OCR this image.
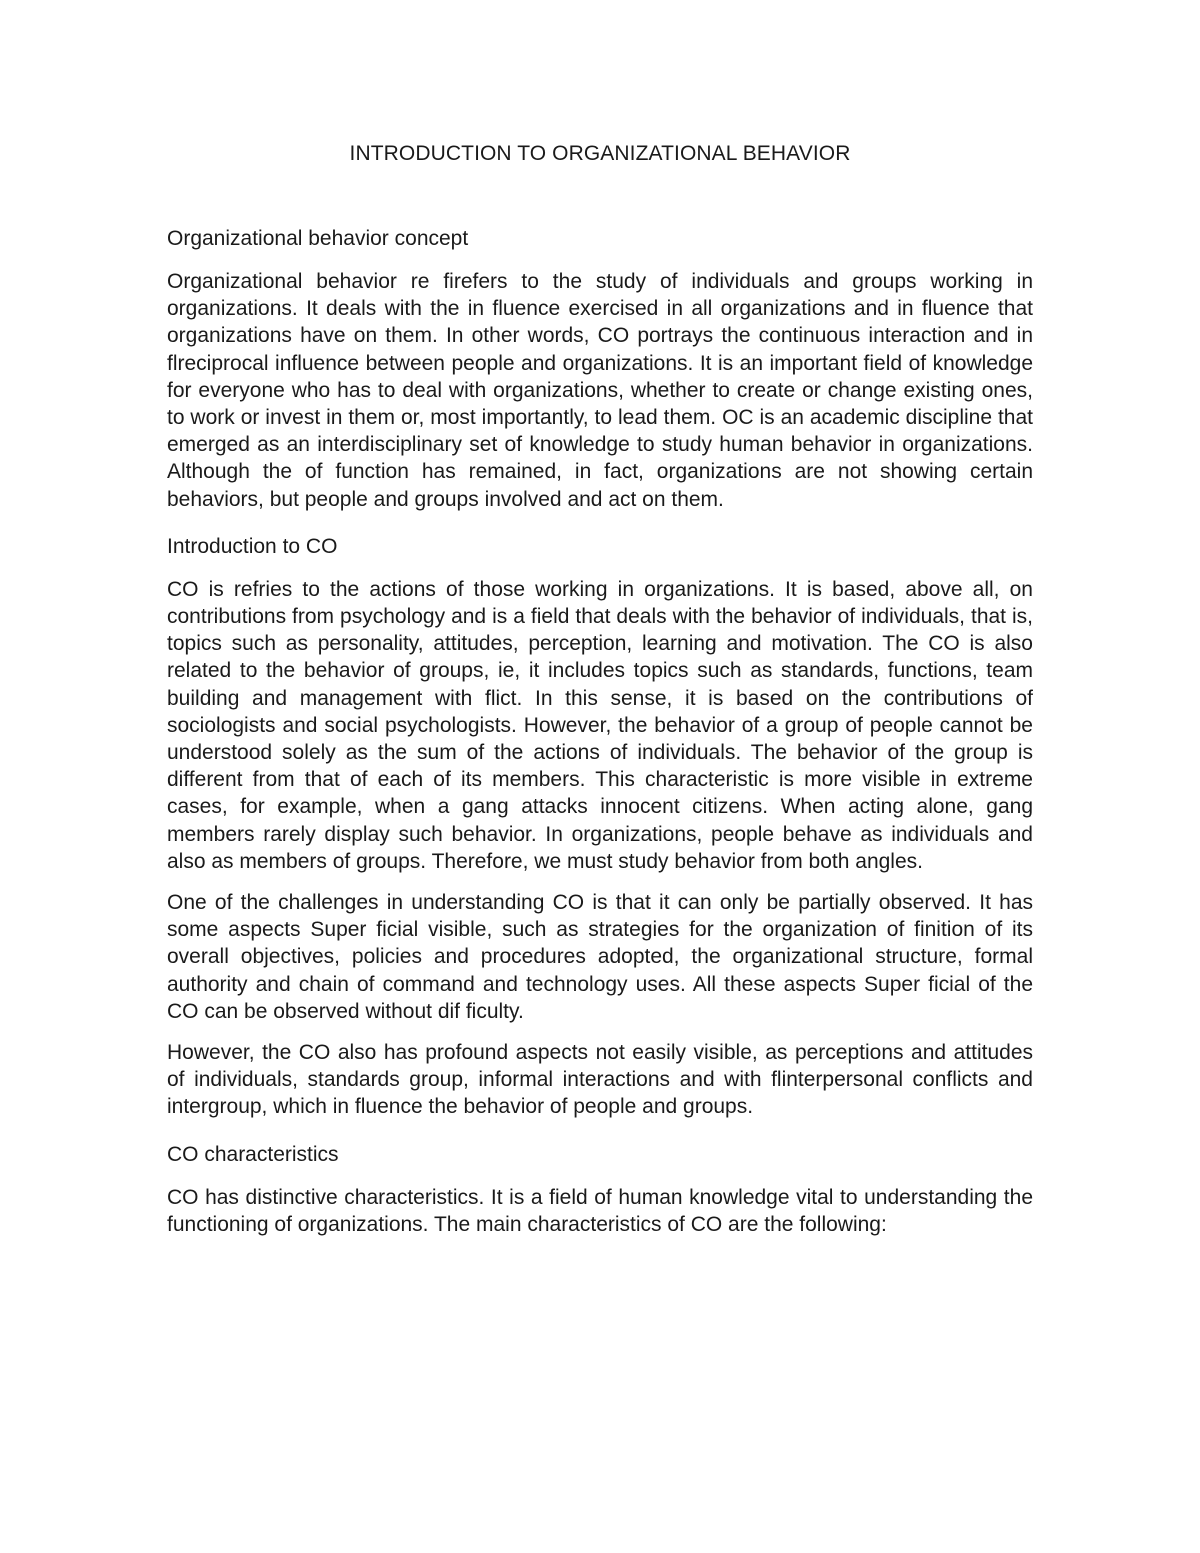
INTRODUCTION TO ORGANIZATIONAL BEHAVIOR
Organizational behavior concept

Organizational behavior re firefers to the study of individuals and groups working in organizations. It deals with the in fluence exercised in all organizations and in fluence that organizations have on them. In other words, CO portrays the continuous interaction and in flreciprocal influence between people and organizations. It is an important field of knowledge for everyone who has to deal with organizations, whether to create or change existing ones, to work or invest in them or, most importantly, to lead them. OC is an academic discipline that emerged as an interdisciplinary set of knowledge to study human behavior in organizations. Although the of function has remained, in fact, organizations are not showing certain behaviors, but people and groups involved and act on them.

Introduction to CO

CO is refries to the actions of those working in organizations. It is based, above all, on contributions from psychology and is a field that deals with the behavior of individuals, that is, topics such as personality, attitudes, perception, learning and motivation. The CO is also related to the behavior of groups, ie, it includes topics such as standards, functions, team building and management with flict. In this sense, it is based on the contributions of sociologists and social psychologists. However, the behavior of a group of people cannot be understood solely as the sum of the actions of individuals. The behavior of the group is different from that of each of its members. This characteristic is more visible in extreme cases, for example, when a gang attacks innocent citizens. When acting alone, gang members rarely display such behavior. In organizations, people behave as individuals and also as members of groups. Therefore, we must study behavior from both angles.

One of the challenges in understanding CO is that it can only be partially observed. It has some aspects Super ficial visible, such as strategies for the organization of finition of its overall objectives, policies and procedures adopted, the organizational structure, formal authority and chain of command and technology uses. All these aspects Super ficial of the CO can be observed without dif ficulty.

However, the CO also has profound aspects not easily visible, as perceptions and attitudes of individuals, standards group, informal interactions and with flinterpersonal conflicts and intergroup, which in fluence the behavior of people and groups.

CO characteristics

CO has distinctive characteristics. It is a field of human knowledge vital to understanding the functioning of organizations. The main characteristics of CO are the following:
